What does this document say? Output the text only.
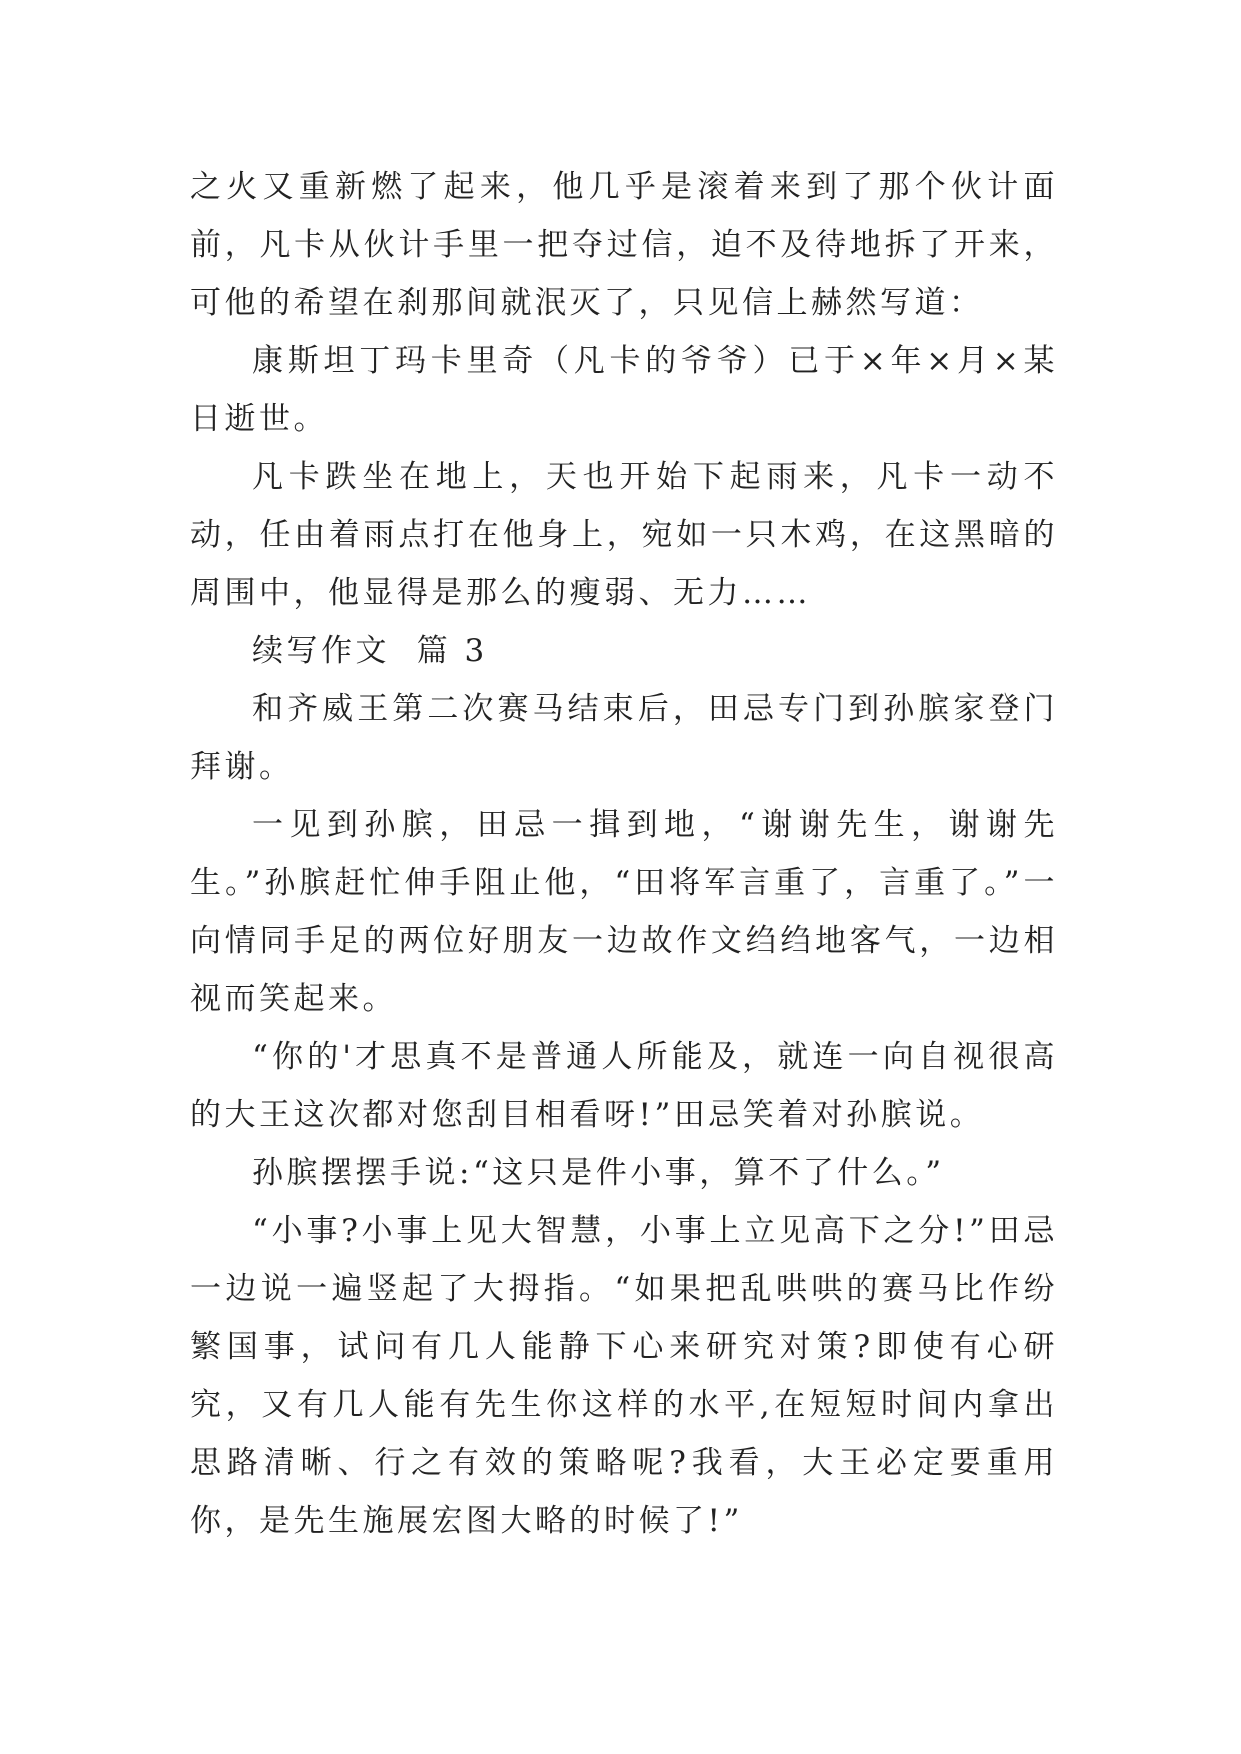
之火又重新燃了起来，他几乎是滚着来到了那个伙计面前，凡卡从伙计手里一把夺过信，迫不及待地拆了开来，可他的希望在刹那间就泯灭了，只见信上赫然写道：

康斯坦丁玛卡里奇（凡卡的爷爷）已于×年×月×某日逝世。

凡卡跌坐在地上，天也开始下起雨来，凡卡一动不动，任由着雨点打在他身上，宛如一只木鸡，在这黑暗的周围中，他显得是那么的瘦弱、无力……

续写作文  篇 3

和齐威王第二次赛马结束后，田忌专门到孙膑家登门拜谢。

一见到孙膑，田忌一揖到地，“谢谢先生，谢谢先生。”孙膑赶忙伸手阻止他，“田将军言重了，言重了。”一向情同手足的两位好朋友一边故作文绉绉地客气，一边相视而笑起来。

“你的'才思真不是普通人所能及，就连一向自视很高的大王这次都对您刮目相看呀!”田忌笑着对孙膑说。

孙膑摆摆手说:“这只是件小事，算不了什么。”

“小事?小事上见大智慧，小事上立见高下之分!”田忌一边说一遍竖起了大拇指。“如果把乱哄哄的赛马比作纷繁国事，试问有几人能静下心来研究对策?即使有心研究，又有几人能有先生你这样的水平,在短短时间内拿出思路清晰、行之有效的策略呢?我看，大王必定要重用你，是先生施展宏图大略的时候了!”
